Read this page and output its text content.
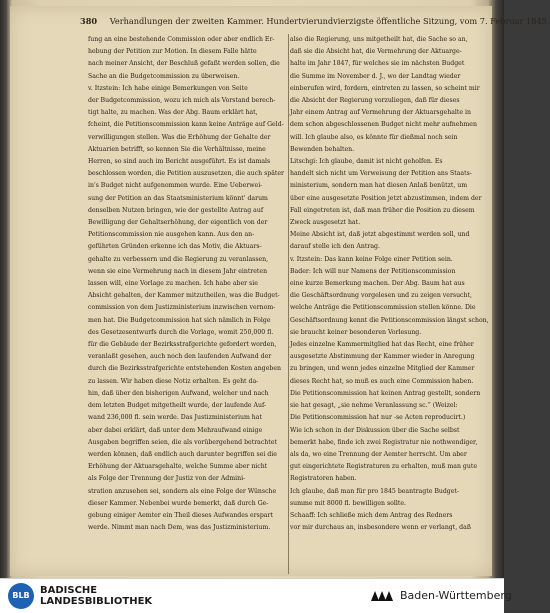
380 Verhandlungen der zweiten Kammer. Hundertvierundvierzigste öffentliche Sitzung, vom 7. Februar 1845.
fung an eine bestehende Commission oder aber endlich Er-
hebung der Petition zur Motion. In diesem Falle hätte
nach meiner Ansicht, der Beschluß gefaßt werden sollen, die
Sache an die Budgetcommission zu überweisen.
v. Itzstein: Ich habe einige Bemerkungen von Seite
der Budgetcommission, wozu ich mich als Vorstand berech-
tigt halte, zu machen. Was der Abg. Baum erklärt hat,
fcheint, die Petitionscommission kann keine Anträge auf Geld-
verwilligungen stellen. Was die Erhöhung der Gehalte der
Aktuarien betrifft, so kennen Sie die Verhältnisse, meine
Herren, so sind auch im Bericht ausgeführt. Es ist damals
beschlossen worden, die Petition auszusetzen, die auch später
in's Budget nicht aufgenommen wurde. Eine Ueberwei-
sung der Petition an das Staatsministerium könnt' darum
denselben Nutzen bringen, wie der gestellte Antrag auf
Bewilligung der Gehaltserhöhung, der eigentlich von der
Petitionscommission nie ausgehen kann. Aus den an-
geführten Gründen erkenne ich das Motiv, die Aktuars-
gehalte zu verbessern und die Regierung zu veranlassen,
wenn sie eine Vermehrung nach in diesem Jahr eintreten
lassen will, eine Vorlage zu machen. Ich habe aber sie
Absicht gehalten, der Kammer mitzutheilen, was die Budget-
commission von dem Justizministerium inzwischen vernom-
men hat. Die Budgetcommission hat sich nämlich in Folge
des Gesetzesentwurfs durch die Vorlage, womit 250,000 fl.
für die Gebäude der Bezirksstrafgerichte gefordert worden,
veranlaßt gesehen, auch noch den laufenden Aufwand der
durch die Bezirksstrafgerichte entstehenden Kosten angeben
zu lassen. Wir haben diese Notiz erhalten. Es geht da-
hin, daß über den bisherigen Aufwand, welcher und nach
dem letzten Budget mitgetheilt wurde, der laufende Auf-
wand 236,000 fl. sein werde. Das Justizministerium hat
aber dabei erklärt, daß unter dem Mehraufwand einige
Ausgaben begriffen seien, die als vorübergehend betrachtet
werden können, daß endlich auch darunter begriffen sei die
Erhöhung der Aktuarsgehalte, welche Summe aber nicht
als Folge der Trennung der Justiz von der Admini-
stration anzusehen sei, sondern als eine Folge der Wünsche
dieser Kammer. Nebenbei wurde bemerkt, daß durch Ge-
gebung einiger Aemter ein Theil dieses Aufwandes erspart
werde. Nimmt man nach Dem, was das Justizministerium.
also die Regierung, uns mitgetheilt hat, die Sache so an,
daß sie die Absicht hat, die Vermehrung der Aktuarge-
halte im Jahr 1847, für welches sie im nächsten Budget
die Summe im November d. J., wo der Landtag wieder
einberufen wird, fordern, eintreten zu lassen, so scheint mir
die Absicht der Regierung vorzuliegen, daß für dieses
Jahr einem Antrag auf Vermehrung der Aktuarsgehalte in
dem schon abgeschlossenen Budget nicht mehr aufnehmen
will. Ich glaube also, es könnte für dießmal noch sein
Bewenden behalten.
Litschgi: Ich glaube, damit ist nicht geholfen. Es
handelt sich nicht um Verweisung der Petition ans Staats-
ministerium, sondern man hat diesen Anlaß benützt, um
über eine ausgesetzte Position jetzt abzustimmen, indem der
Fall eingetreten ist, daß man früher die Position zu diesem
Zweck ausgesetzt hat.
Meine Absicht ist, daß jetzt abgestimmt werden soll, und
darauf stelle ich den Antrag.
v. Itzstein: Das kann keine Folge einer Petition sein.
Bader: Ich will nur Namens der Petitionscommission
eine kurze Bemerkung machen. Der Abg. Baum hat aus
die Geschäftsordnung vorgelesen und zu zeigen versucht,
welche Anträge die Petitionscommission stellen könne. Die
Geschäftsordnung kennt die Petitionscommission längst schon,
sie braucht keiner besonderen Vorlesung.
Jedes einzelne Kammermitglied hat das Recht, eine früher
ausgesetzte Abstimmung der Kammer wieder in Anregung
zu bringen, und wenn jedes einzelne Mitglied der Kammer
dieses Recht hat, so muß es auch eine Commission haben.
Die Petitionscommission hat keinen Antrag gestellt, sondern
sie hat gesagt, „sie nehme Veranlassung sc.“ (Weizel:
Die Petitionscommission hat nur -se Acten reproducirt.)
Wie ich schon in der Diskussion über die Sache selbst
bemerkt habe, finde ich zwei Registratur nie nothwendiger,
als da, wo eine Trennung der Aemter herrscht. Um aber
gut eingerichtete Registraturen zu erhalten, muß man gute
Registratoren haben.
Ich glaube, daß man für pro 1845 beantragte Budget-
summe mit 8000 fl. bewilligen sollte.
Schaaff: Ich schließe mich dem Antrag des Redners
vor mir durchaus an, insbesondere wenn er verlangt, daß
BLB	BADISCHE
LANDESBIBLIOTHEK	Baden-Württemberg
